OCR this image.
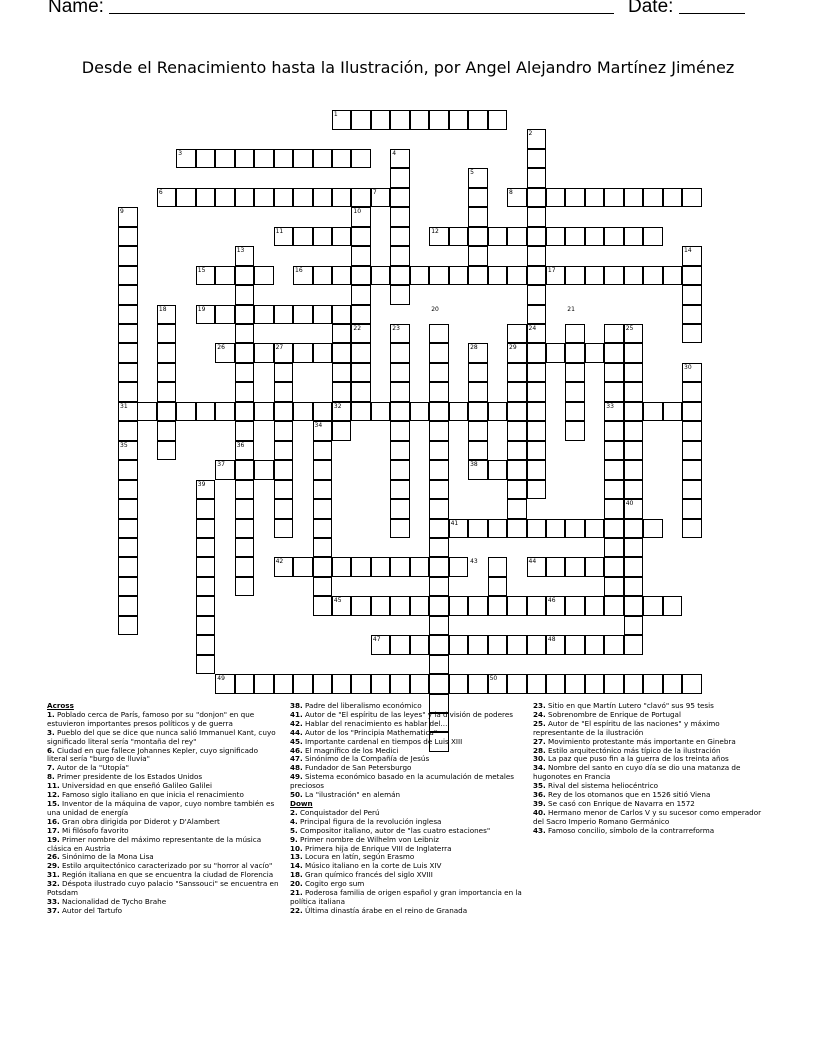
Name:	Date:
Desde el Renacimiento hasta la Ilustración, por Angel Alejandro Martínez Jiménez
1
2
3	4
5
6	7	8
9	10
11	12
13	14
15	16	17
18	19	20	21
22	23	24	25
26	27	28	29
30
31	32	33
34
35	36
37	38
39
40
41
42	43	44
45	46
47	48
49	50
Across
1. Poblado cerca de París, famoso por su "donjon" en que estuvieron importantes presos políticos y de guerra
3. Pueblo del que se dice que nunca salió Immanuel Kant, cuyo significado literal sería "montaña del rey"
6. Ciudad en que fallece Johannes Kepler, cuyo significado literal sería "burgo de lluvia"
7. Autor de la "Utopía"
8. Primer presidente de los Estados Unidos
11. Universidad en que enseñó Galileo Galilei
12. Famoso siglo italiano en que inicia el renacimiento
15. Inventor de la máquina de vapor, cuyo nombre también es una unidad de energía
16. Gran obra dirigida por Diderot y D'Alambert
17. Mi filósofo favorito
19. Primer nombre del máximo representante de la música clásica en Austria
26. Sinónimo de la Mona Lisa
29. Estilo arquitectónico caracterizado por su "horror al vacío"
31. Región italiana en que se encuentra la ciudad de Florencia
32. Déspota ilustrado cuyo palacio "Sanssouci" se encuentra en Potsdam
33. Nacionalidad de Tycho Brahe
37. Autor del Tartufo
38. Padre del liberalismo económico
41. Autor de "El espíritu de las leyes" y la división de poderes
42. Hablar del renacimiento es hablar del...
44. Autor de los "Principia Mathematica"
45. Importante cardenal en tiempos de Luis XIII
46. El magnífico de los Medici
47. Sinónimo de la Compañía de Jesús
48. Fundador de San Petersburgo
49. Sistema económico basado en la acumulación de metales preciosos
50. La "ilustración" en alemán
Down
2. Conquistador del Perú
4. Principal figura de la revolución inglesa
5. Compositor italiano, autor de "las cuatro estaciones"
9. Primer nombre de Wilhelm von Leibniz
10. Primera hija de Enrique VIII de Inglaterra
13. Locura en latín, según Erasmo
14. Músico italiano en la corte de Luis XIV
18. Gran químico francés del siglo XVIII
20. Cogito ergo sum
21. Poderosa familia de origen español y gran importancia en la política italiana
22. Última dinastía árabe en el reino de Granada
23. Sitio en que Martín Lutero "clavó" sus 95 tesis
24. Sobrenombre de Enrique de Portugal
25. Autor de "El espíritu de las naciones" y máximo representante de la ilustración
27. Movimiento protestante más importante en Ginebra
28. Estilo arquitectónico más típico de la ilustración
30. La paz que puso fin a la guerra de los treinta años
34. Nombre del santo en cuyo día se dio una matanza de hugonotes en Francia
35. Rival del sistema heliocéntrico
36. Rey de los otomanos que en 1526 sitió Viena
39. Se casó con Enrique de Navarra en 1572
40. Hermano menor de Carlos V y su sucesor como emperador del Sacro Imperio Romano Germánico
43. Famoso concilio, símbolo de la contrarreforma
